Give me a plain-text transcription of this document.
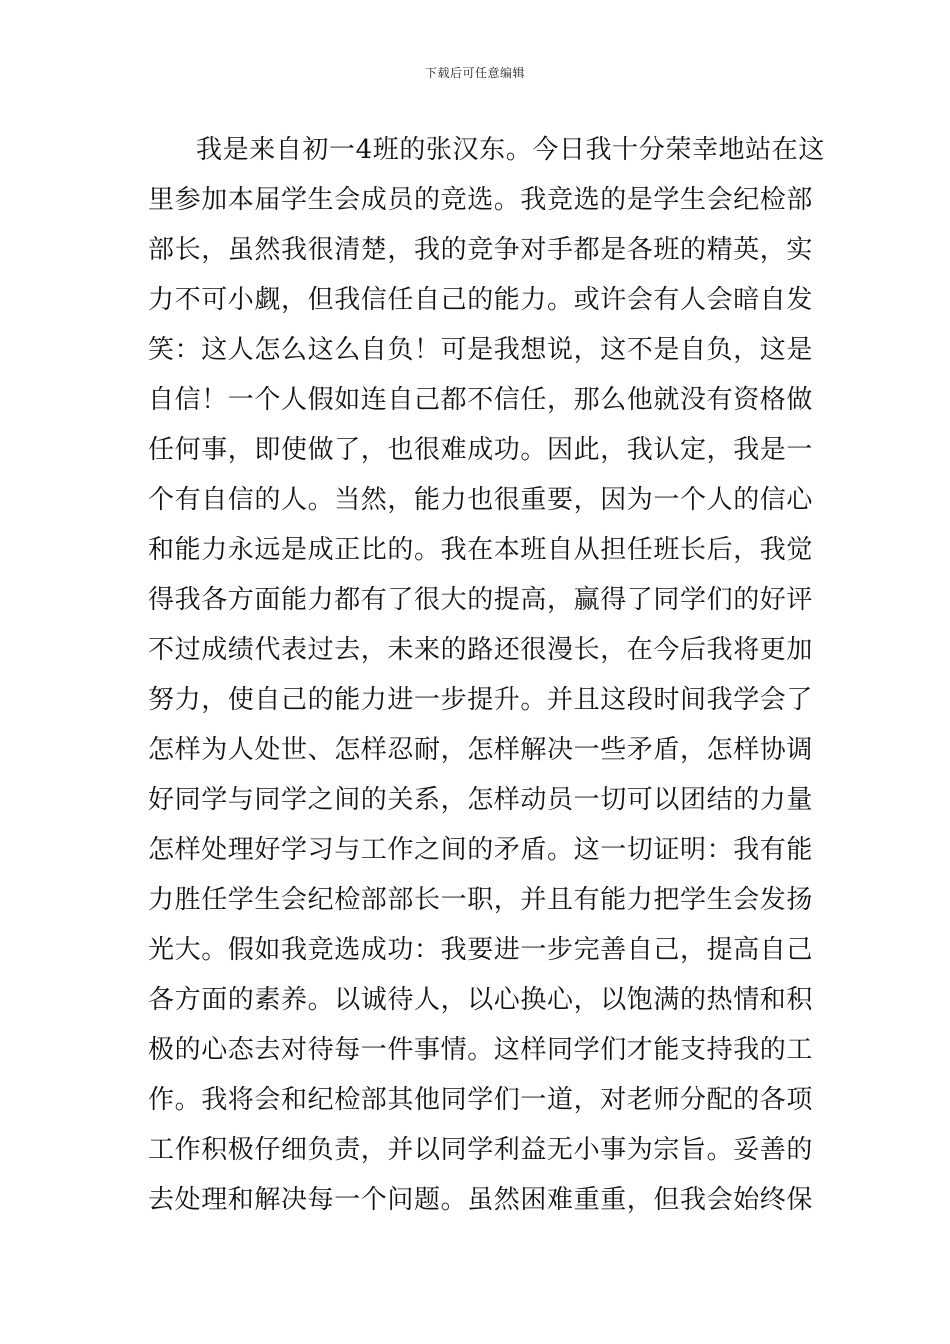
下载后可任意编辑
我是来自初一4班的张汉东。今日我十分荣幸地站在这
里参加本届学生会成员的竞选。我竞选的是学生会纪检部
部长，虽然我很清楚，我的竞争对手都是各班的精英，实
力不可小觑，但我信任自己的能力。或许会有人会暗自发
笑：这人怎么这么自负！可是我想说，这不是自负，这是
自信！一个人假如连自己都不信任，那么他就没有资格做
任何事，即使做了，也很难成功。因此，我认定，我是一
个有自信的人。当然，能力也很重要，因为一个人的信心
和能力永远是成正比的。我在本班自从担任班长后，我觉
得我各方面能力都有了很大的提高，赢得了同学们的好评
不过成绩代表过去，未来的路还很漫长，在今后我将更加
努力，使自己的能力进一步提升。并且这段时间我学会了
怎样为人处世、怎样忍耐，怎样解决一些矛盾，怎样协调
好同学与同学之间的关系，怎样动员一切可以团结的力量
怎样处理好学习与工作之间的矛盾。这一切证明：我有能
力胜任学生会纪检部部长一职，并且有能力把学生会发扬
光大。假如我竞选成功：我要进一步完善自己，提高自己
各方面的素养。以诚待人，以心换心，以饱满的热情和积
极的心态去对待每一件事情。这样同学们才能支持我的工
作。我将会和纪检部其他同学们一道，对老师分配的各项
工作积极仔细负责，并以同学利益无小事为宗旨。妥善的
去处理和解决每一个问题。虽然困难重重，但我会始终保
